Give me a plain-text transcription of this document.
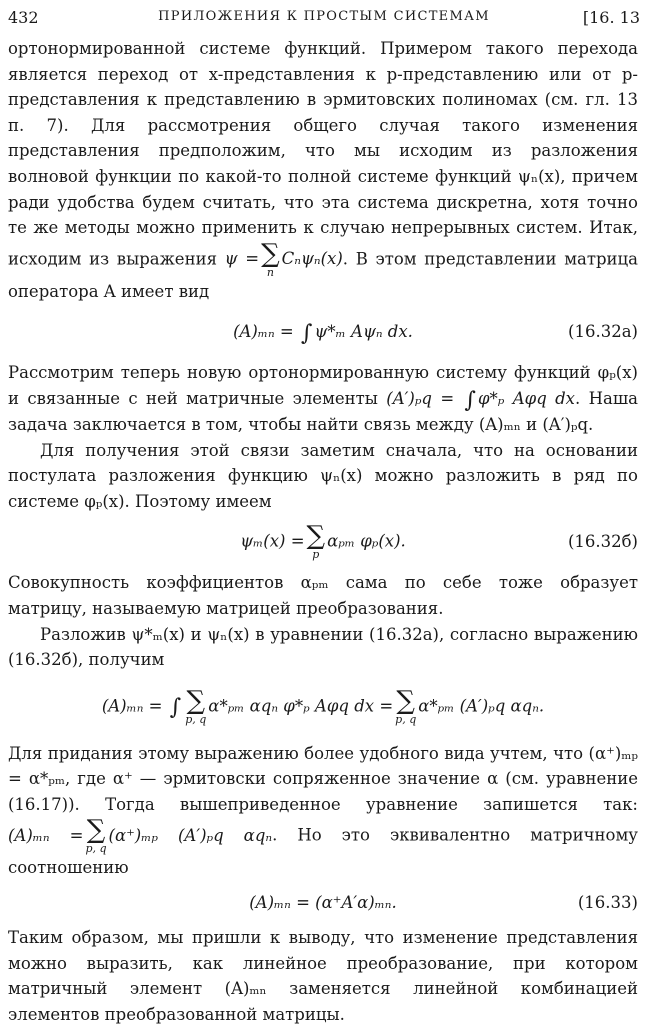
432	ПРИЛОЖЕНИЯ К ПРОСТЫМ СИСТЕМАМ	[16. 13

ортонормированной системе функций. Примером такого перехода является переход от x-представления к p-представлению или от p-представления к представлению в эрмитовских полиномах (см. гл. 13 п. 7). Для рассмотрения общего случая такого изменения представления предположим, что мы исходим из разложения волновой функции по какой-то полной системе функций ψₙ(x), причем ради удобства будем считать, что эта система дискретна, хотя точно те же методы можно применить к случаю непрерывных систем. Итак, исходим из выражения ψ = ∑
n
Cₙψₙ(x). В этом представлении матрица оператора A имеет вид

(A)ₘₙ = ∫ ψ*ₘ Aψₙ dx.	(16.32a)

Рассмотрим теперь новую ортонормированную систему функций φₚ(x) и связанные с ней матричные элементы (A′)ₚq = ∫ φ*ₚ Aφq dx. Наша задача заключается в том, чтобы найти связь между (A)ₘₙ и (A′)ₚq.

Для получения этой связи заметим сначала, что на основании постулата разложения функцию ψₙ(x) можно разложить в ряд по системе φₚ(x). Поэтому имеем

ψₘ(x) = ∑
p
αₚₘ φₚ(x).	(16.32б)

Совокупность коэффициентов αₚₘ сама по себе тоже образует матрицу, называемую матрицей преобразования.

Разложив ψ*ₘ(x) и ψₙ(x) в уравнении (16.32а), согласно выражению (16.32б), получим

(A)ₘₙ = ∫ ∑
p, q
α*ₚₘ αqₙ φ*ₚ Aφq dx = ∑
p, q
α*ₚₘ (A′)ₚq αqₙ.

Для придания этому выражению более удобного вида учтем, что (α⁺)ₘₚ = α*ₚₘ, где α⁺ — эрмитовски сопряженное значение α (см. уравнение (16.17)). Тогда вышеприведенное уравнение запишется так: (A)ₘₙ = ∑
p, q
(α⁺)ₘₚ (A′)ₚq αqₙ. Но это эквивалентно матричному соотношению

(A)ₘₙ = (α⁺A′α)ₘₙ.	(16.33)

Таким образом, мы пришли к выводу, что изменение представления можно выразить, как линейное преобразование, при котором матричный элемент (A)ₘₙ заменяется линейной комбинацией элементов преобразованной матрицы.
